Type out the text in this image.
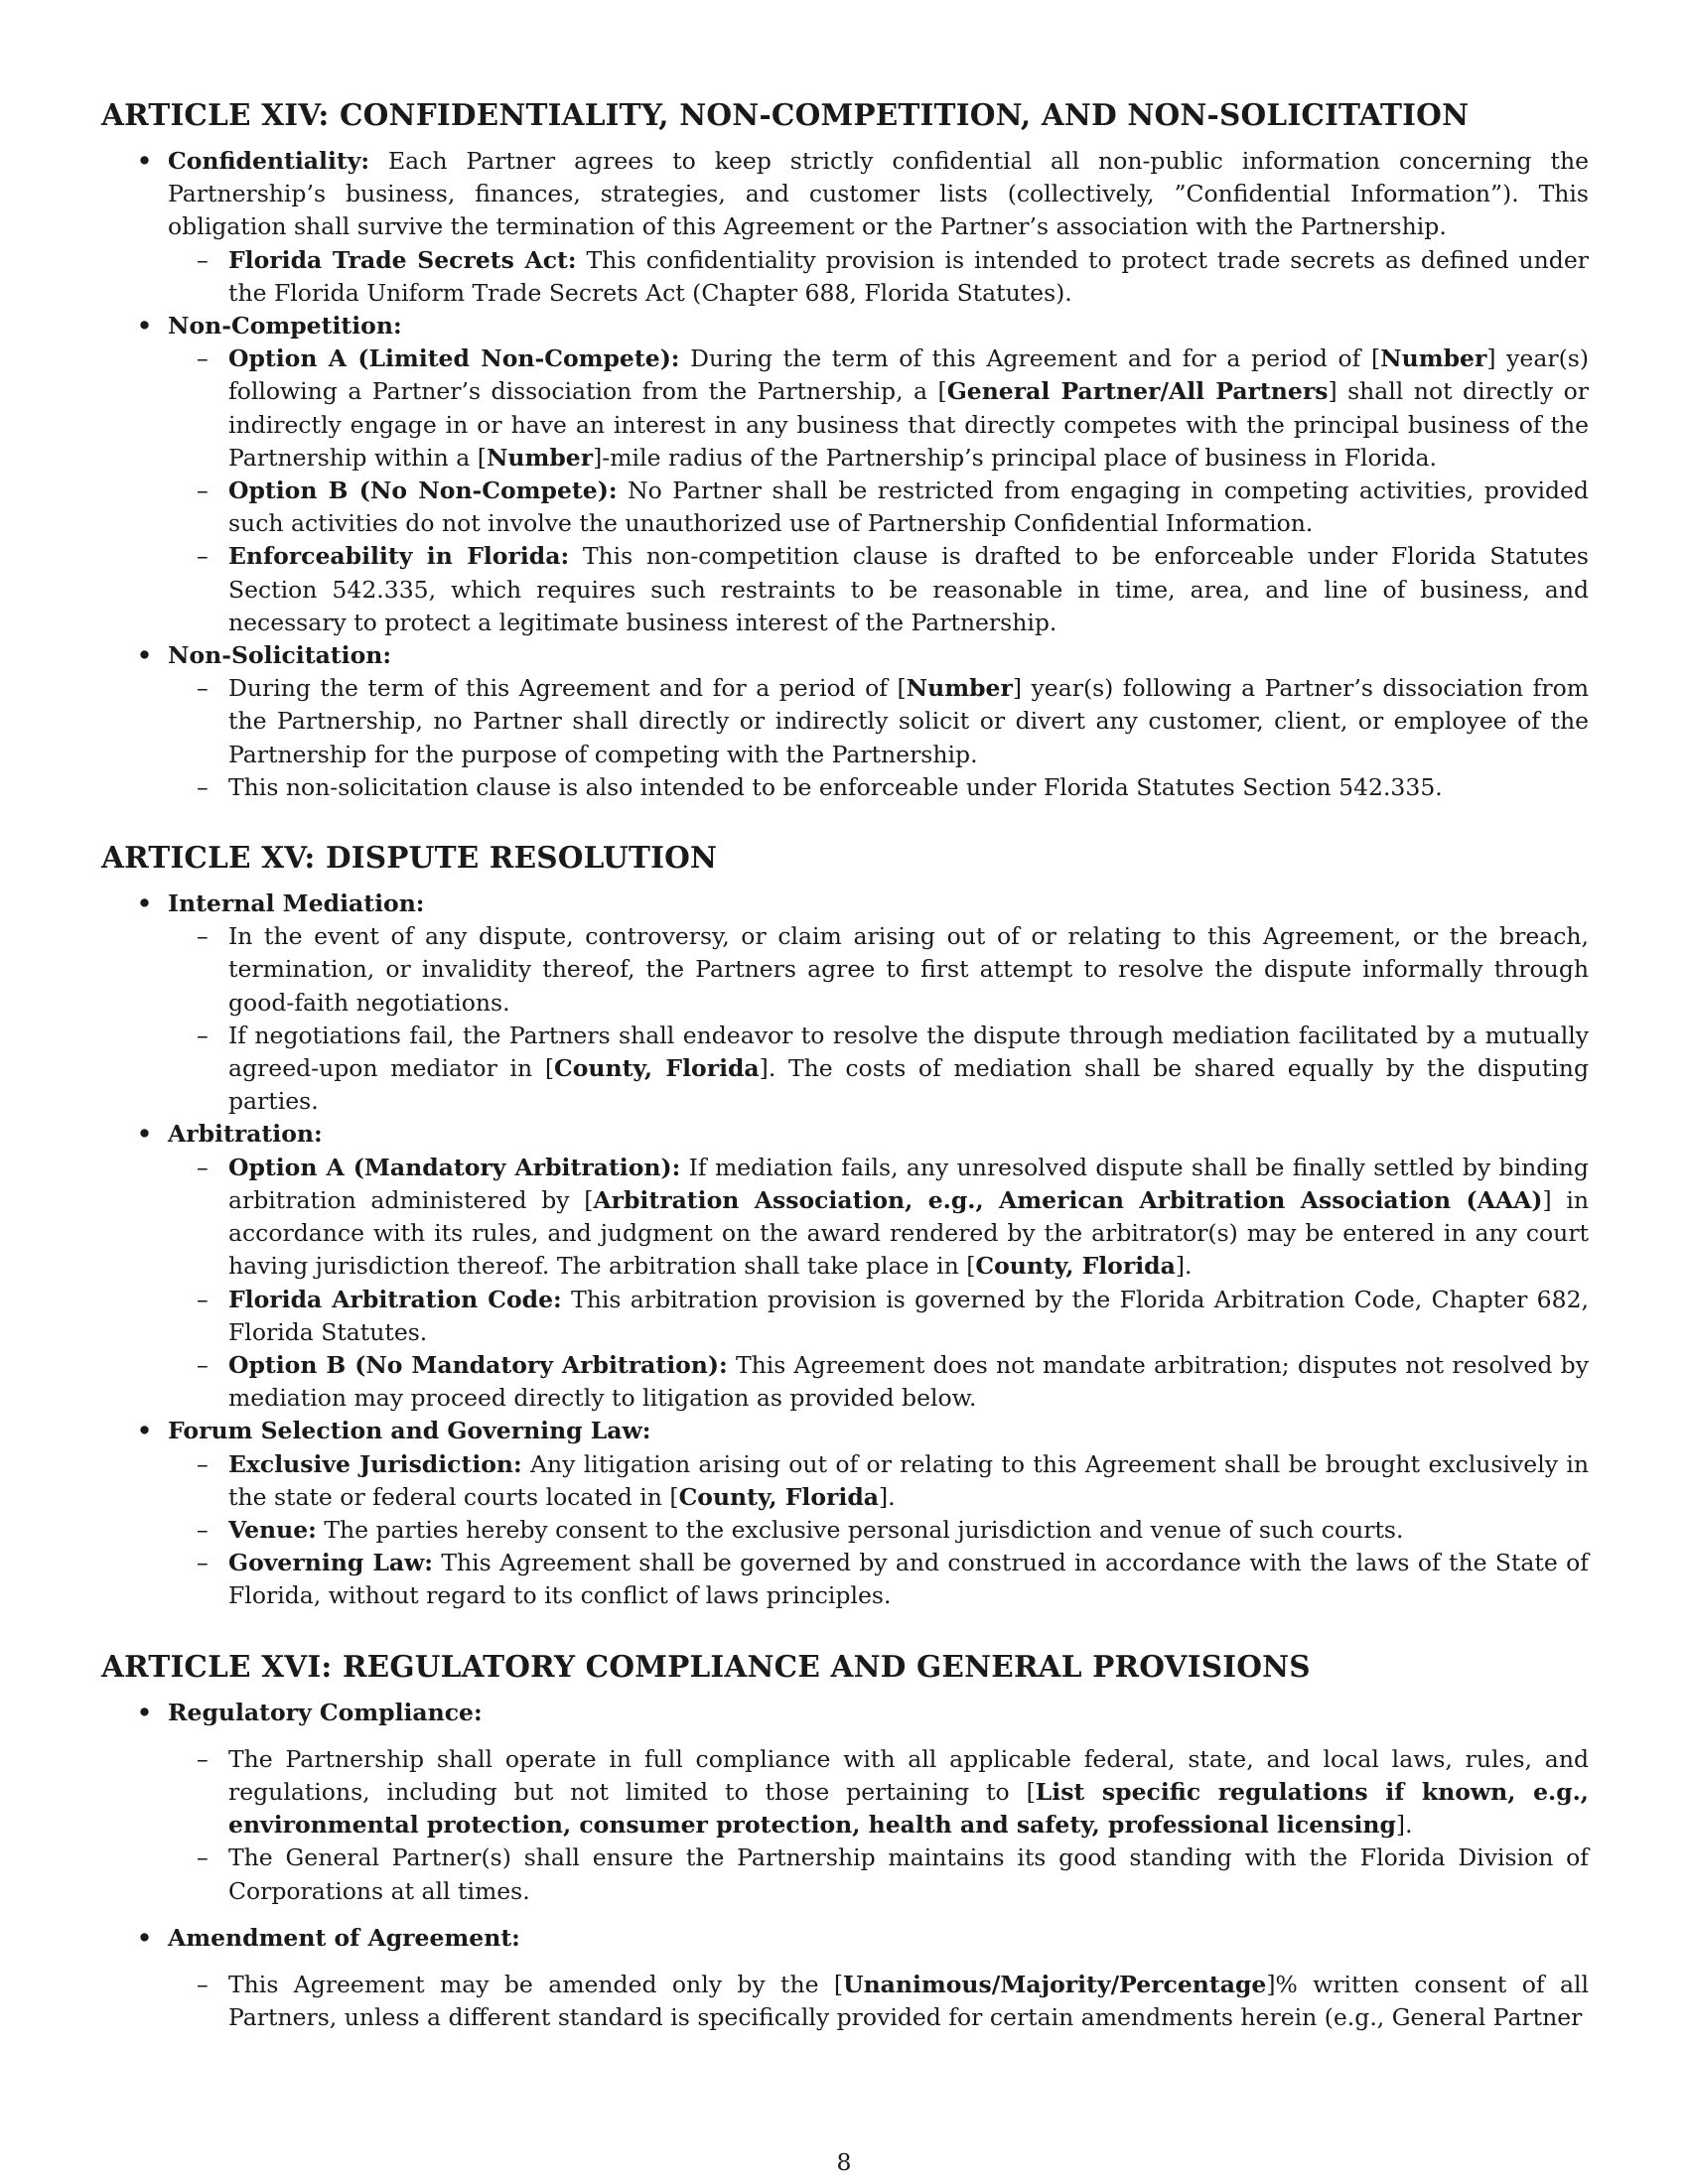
ARTICLE XIV: CONFIDENTIALITY, NON-COMPETITION, AND NON-SOLICITATION
• Confidentiality: Each Partner agrees to keep strictly confidential all non-public information concerning the Partnership’s business, finances, strategies, and customer lists (collectively, ”Confidential Information”). This obligation shall survive the termination of this Agreement or the Partner’s association with the Partnership.
– Florida Trade Secrets Act: This confidentiality provision is intended to protect trade secrets as defined under the Florida Uniform Trade Secrets Act (Chapter 688, Florida Statutes).
• Non-Competition:
– Option A (Limited Non-Compete): During the term of this Agreement and for a period of [Number] year(s) following a Partner’s dissociation from the Partnership, a [General Partner/All Partners] shall not directly or indirectly engage in or have an interest in any business that directly competes with the principal business of the Partnership within a [Number]-mile radius of the Partnership’s principal place of business in Florida.
– Option B (No Non-Compete): No Partner shall be restricted from engaging in competing activities, provided such activities do not involve the unauthorized use of Partnership Confidential Information.
– Enforceability in Florida: This non-competition clause is drafted to be enforceable under Florida Statutes Section 542.335, which requires such restraints to be reasonable in time, area, and line of business, and necessary to protect a legitimate business interest of the Partnership.
• Non-Solicitation:
– During the term of this Agreement and for a period of [Number] year(s) following a Partner’s dissociation from the Partnership, no Partner shall directly or indirectly solicit or divert any customer, client, or employee of the Partnership for the purpose of competing with the Partnership.
– This non-solicitation clause is also intended to be enforceable under Florida Statutes Section 542.335.
ARTICLE XV: DISPUTE RESOLUTION
• Internal Mediation:
– In the event of any dispute, controversy, or claim arising out of or relating to this Agreement, or the breach, termination, or invalidity thereof, the Partners agree to first attempt to resolve the dispute informally through good-faith negotiations.
– If negotiations fail, the Partners shall endeavor to resolve the dispute through mediation facilitated by a mutually agreed-upon mediator in [County, Florida]. The costs of mediation shall be shared equally by the disputing parties.
• Arbitration:
– Option A (Mandatory Arbitration): If mediation fails, any unresolved dispute shall be finally settled by binding arbitration administered by [Arbitration Association, e.g., American Arbitration Association (AAA)] in accordance with its rules, and judgment on the award rendered by the arbitrator(s) may be entered in any court having jurisdiction thereof. The arbitration shall take place in [County, Florida].
– Florida Arbitration Code: This arbitration provision is governed by the Florida Arbitration Code, Chapter 682, Florida Statutes.
– Option B (No Mandatory Arbitration): This Agreement does not mandate arbitration; disputes not resolved by mediation may proceed directly to litigation as provided below.
• Forum Selection and Governing Law:
– Exclusive Jurisdiction: Any litigation arising out of or relating to this Agreement shall be brought exclusively in the state or federal courts located in [County, Florida].
– Venue: The parties hereby consent to the exclusive personal jurisdiction and venue of such courts.
– Governing Law: This Agreement shall be governed by and construed in accordance with the laws of the State of Florida, without regard to its conflict of laws principles.
ARTICLE XVI: REGULATORY COMPLIANCE AND GENERAL PROVISIONS
• Regulatory Compliance:
– The Partnership shall operate in full compliance with all applicable federal, state, and local laws, rules, and regulations, including but not limited to those pertaining to [List specific regulations if known, e.g., environmental protection, consumer protection, health and safety, professional licensing].
– The General Partner(s) shall ensure the Partnership maintains its good standing with the Florida Division of Corporations at all times.
• Amendment of Agreement:
– This Agreement may be amended only by the [Unanimous/Majority/Percentage]% written consent of all Partners, unless a different standard is specifically provided for certain amendments herein (e.g., General Partner
8
